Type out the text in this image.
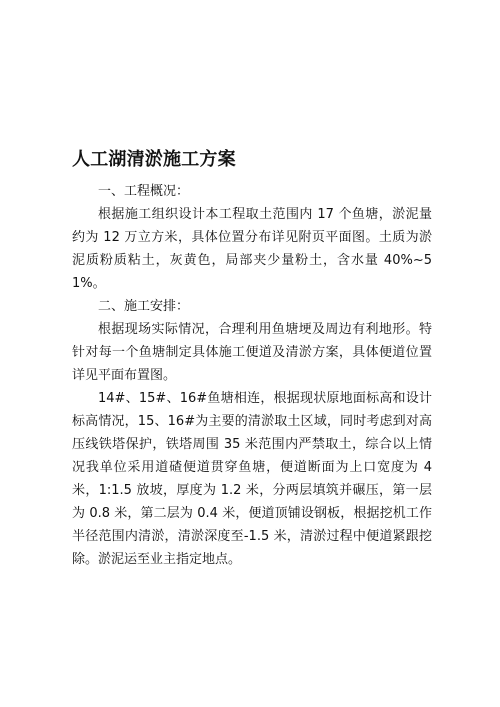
人工湖清淤施工方案

一、工程概况：

根据施工组织设计本工程取土范围内 17 个鱼塘，淤泥量约为 12 万立方米，具体位置分布详见附页平面图。土质为淤泥质粉质粘土，灰黄色，局部夹少量粉土，含水量 40%~51%。

二、施工安排：

根据现场实际情况，合理利用鱼塘埂及周边有利地形。特针对每一个鱼塘制定具体施工便道及清淤方案，具体便道位置详见平面布置图。

14#、15#、16#鱼塘相连，根据现状原地面标高和设计标高情况，15、16#为主要的清淤取土区域，同时考虑到对高压线铁塔保护，铁塔周围 35 米范围内严禁取土，综合以上情况我单位采用道碴便道贯穿鱼塘，便道断面为上口宽度为 4 米，1:1.5 放坡，厚度为 1.2 米，分两层填筑并碾压，第一层为 0.8 米，第二层为 0.4 米，便道顶铺设钢板，根据挖机工作半径范围内清淤，清淤深度至-1.5 米，清淤过程中便道紧跟挖除。淤泥运至业主指定地点。
